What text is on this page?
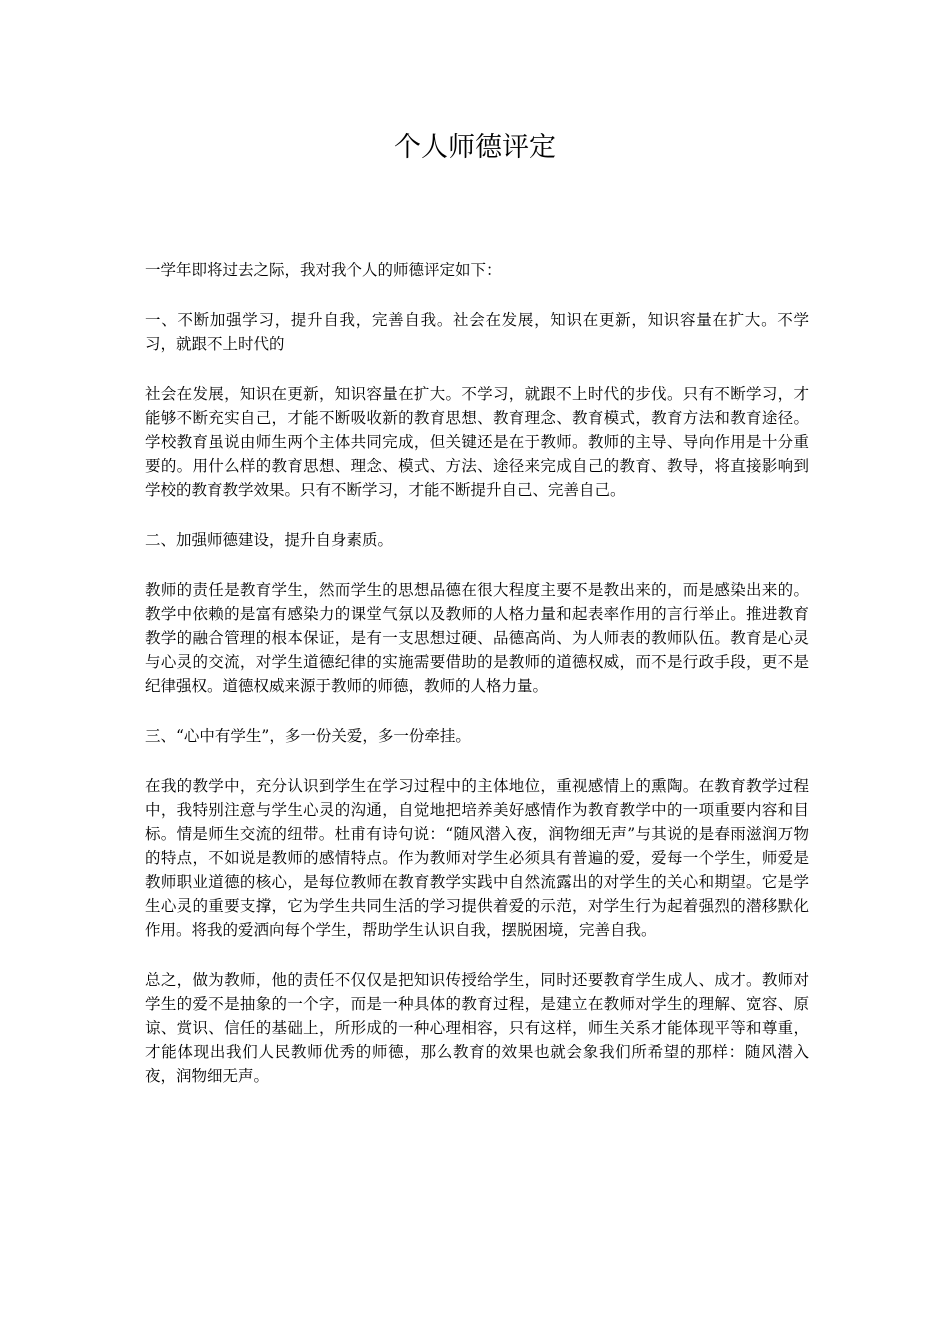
个人师德评定

一学年即将过去之际，我对我个人的师德评定如下：

一、不断加强学习，提升自我，完善自我。社会在发展，知识在更新，知识容量在扩大。不学习，就跟不上时代的

社会在发展，知识在更新，知识容量在扩大。不学习，就跟不上时代的步伐。只有不断学习，才能够不断充实自己，才能不断吸收新的教育思想、教育理念、教育模式，教育方法和教育途径。学校教育虽说由师生两个主体共同完成，但关键还是在于教师。教师的主导、导向作用是十分重要的。用什么样的教育思想、理念、模式、方法、途径来完成自己的教育、教导，将直接影响到学校的教育教学效果。只有不断学习，才能不断提升自己、完善自己。

二、加强师德建设，提升自身素质。

教师的责任是教育学生，然而学生的思想品德在很大程度主要不是教出来的，而是感染出来的。教学中依赖的是富有感染力的课堂气氛以及教师的人格力量和起表率作用的言行举止。推进教育教学的融合管理的根本保证，是有一支思想过硬、品德高尚、为人师表的教师队伍。教育是心灵与心灵的交流，对学生道德纪律的实施需要借助的是教师的道德权威，而不是行政手段，更不是纪律强权。道德权威来源于教师的师德，教师的人格力量。

三、“心中有学生”，多一份关爱，多一份牵挂。

在我的教学中，充分认识到学生在学习过程中的主体地位，重视感情上的熏陶。在教育教学过程中，我特别注意与学生心灵的沟通，自觉地把培养美好感情作为教育教学中的一项重要内容和目标。情是师生交流的纽带。杜甫有诗句说：“随风潜入夜，润物细无声”与其说的是春雨滋润万物的特点，不如说是教师的感情特点。作为教师对学生必须具有普遍的爱，爱每一个学生，师爱是教师职业道德的核心，是每位教师在教育教学实践中自然流露出的对学生的关心和期望。它是学生心灵的重要支撑，它为学生共同生活的学习提供着爱的示范，对学生行为起着强烈的潜移默化作用。将我的爱洒向每个学生，帮助学生认识自我，摆脱困境，完善自我。

总之，做为教师，他的责任不仅仅是把知识传授给学生，同时还要教育学生成人、成才。教师对学生的爱不是抽象的一个字，而是一种具体的教育过程，是建立在教师对学生的理解、宽容、原谅、赏识、信任的基础上，所形成的一种心理相容，只有这样，师生关系才能体现平等和尊重，才能体现出我们人民教师优秀的师德，那么教育的效果也就会象我们所希望的那样：随风潜入夜，润物细无声。
